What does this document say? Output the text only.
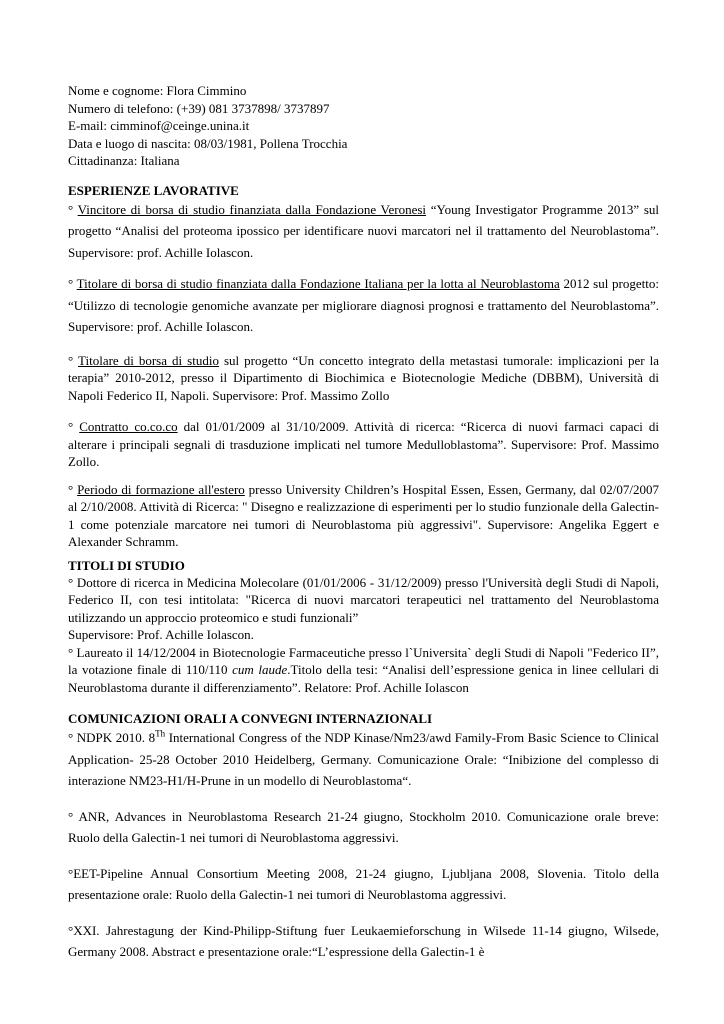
Nome e cognome: Flora Cimmino
Numero di telefono: (+39) 081 3737898/ 3737897
E-mail: cimminof@ceinge.unina.it
Data e luogo di nascita: 08/03/1981, Pollena Trocchia
Cittadinanza: Italiana
ESPERIENZE LAVORATIVE

° Vincitore di borsa di studio finanziata dalla Fondazione Veronesi “Young Investigator Programme 2013” sul progetto “Analisi del proteoma ipossico per identificare nuovi marcatori nel il trattamento del Neuroblastoma”. Supervisore: prof. Achille Iolascon.

° Titolare di borsa di studio finanziata dalla Fondazione Italiana per la lotta al Neuroblastoma 2012 sul progetto: “Utilizzo di tecnologie genomiche avanzate per migliorare diagnosi prognosi e trattamento del Neuroblastoma”. Supervisore: prof. Achille Iolascon.

° Titolare di borsa di studio sul progetto “Un concetto integrato della metastasi tumorale: implicazioni per la terapia” 2010-2012, presso il Dipartimento di Biochimica e Biotecnologie Mediche (DBBM), Università di Napoli Federico II, Napoli. Supervisore: Prof. Massimo Zollo

° Contratto co.co.co dal 01/01/2009 al 31/10/2009. Attività di ricerca: “Ricerca di nuovi farmaci capaci di alterare i principali segnali di trasduzione implicati nel tumore Medulloblastoma”. Supervisore: Prof. Massimo Zollo.

° Periodo di formazione all'estero presso University Children’s Hospital Essen, Essen, Germany, dal 02/07/2007 al 2/10/2008. Attività di Ricerca: " Disegno e realizzazione di esperimenti per lo studio funzionale della Galectin-1 come potenziale marcatore nei tumori di Neuroblastoma più aggressivi". Supervisore: Angelika Eggert e Alexander Schramm.

TITOLI DI STUDIO

° Dottore di ricerca in Medicina Molecolare (01/01/2006 - 31/12/2009) presso l'Università degli Studi di Napoli, Federico II, con tesi intitolata: "Ricerca di nuovi marcatori terapeutici nel trattamento del Neuroblastoma utilizzando un approccio proteomico e studi funzionali”

Supervisore: Prof. Achille Iolascon.

° Laureato il 14/12/2004 in Biotecnologie Farmaceutiche presso l`Universita` degli Studi di Napoli "Federico II”, la votazione finale di 110/110 cum laude.Titolo della tesi: “Analisi dell’espressione genica in linee cellulari di Neuroblastoma durante il differenziamento”. Relatore: Prof. Achille Iolascon

COMUNICAZIONI ORALI A CONVEGNI INTERNAZIONALI

° NDPK 2010. 8Th International Congress of the NDP Kinase/Nm23/awd Family-From Basic Science to Clinical Application- 25-28 October 2010 Heidelberg, Germany. Comunicazione Orale: “Inibizione del complesso di interazione NM23-H1/H-Prune in un modello di Neuroblastoma“.

° ANR, Advances in Neuroblastoma Research 21-24 giugno, Stockholm 2010. Comunicazione orale breve: Ruolo della Galectin-1 nei tumori di Neuroblastoma aggressivi.

°EET-Pipeline Annual Consortium Meeting 2008, 21-24 giugno, Ljubljana 2008, Slovenia. Titolo della presentazione orale: Ruolo della Galectin-1 nei tumori di Neuroblastoma aggressivi.

°XXI. Jahrestagung der Kind-Philipp-Stiftung fuer Leukaemieforschung in Wilsede 11-14 giugno, Wilsede, Germany 2008. Abstract e presentazione orale:“L’espressione della Galectin-1 è
